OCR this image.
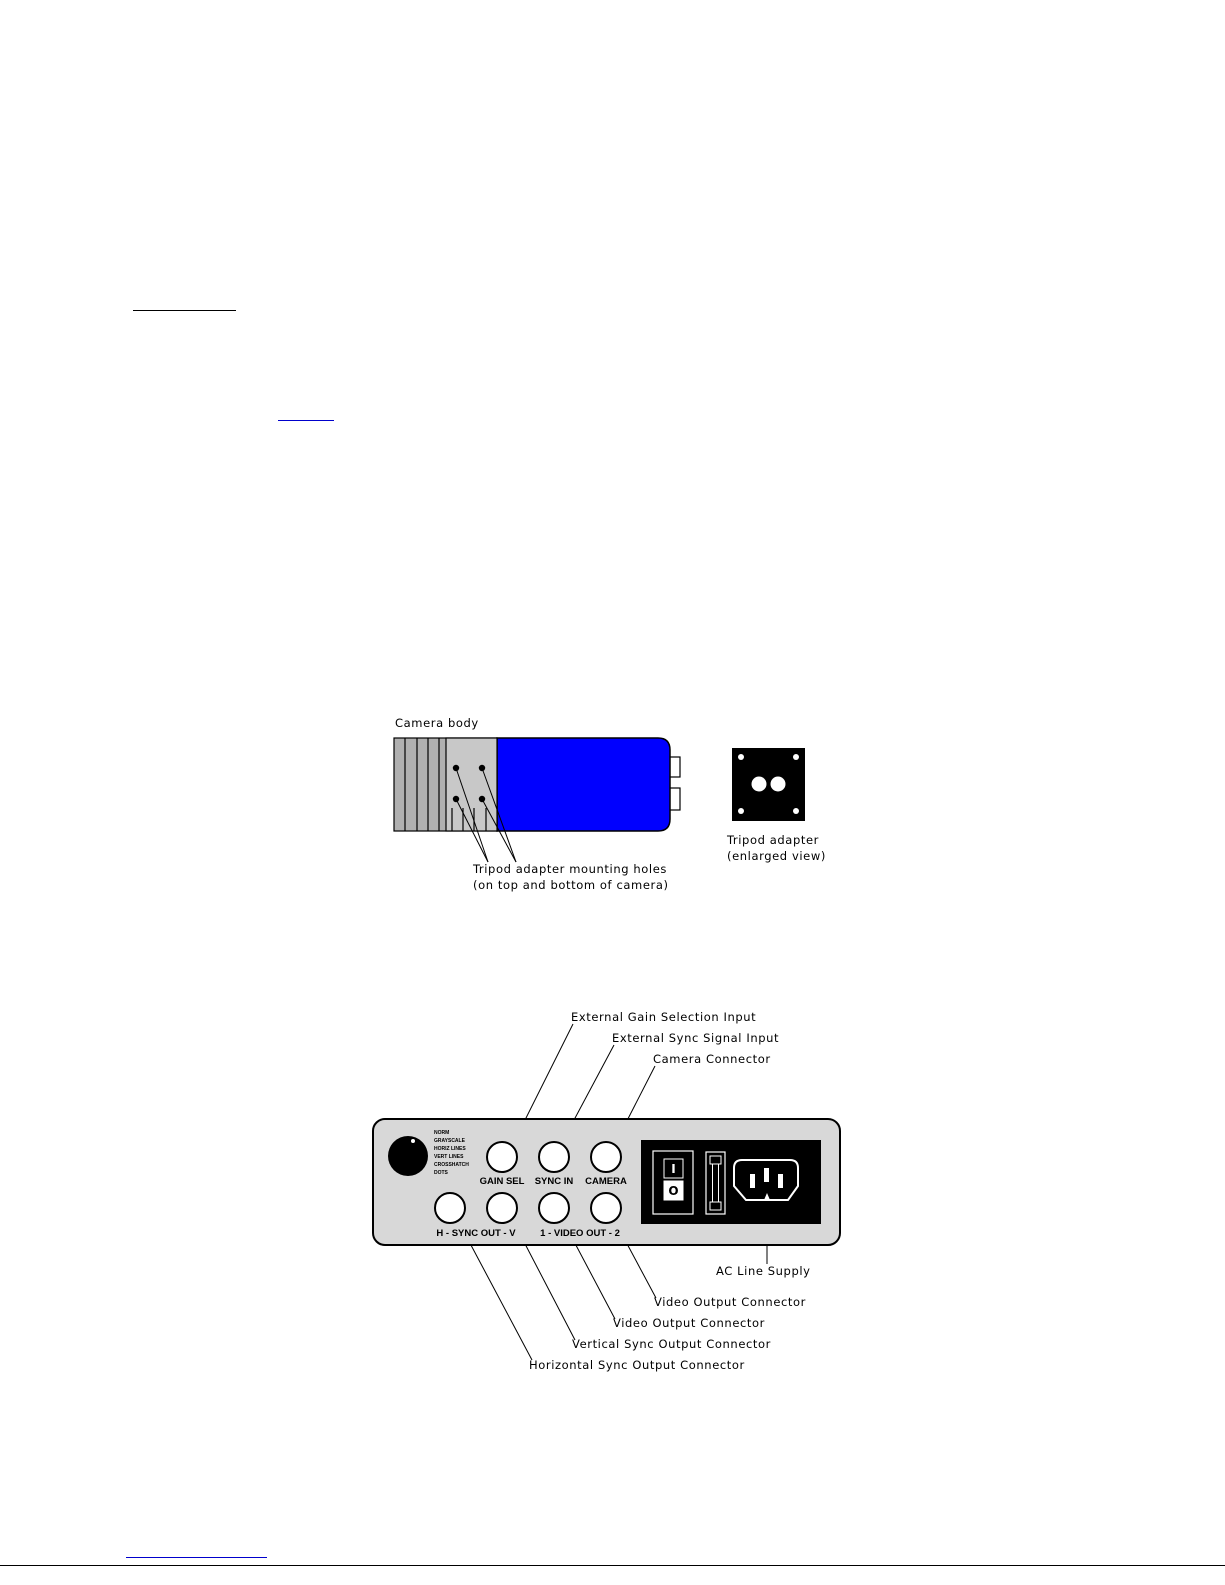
Camera body
Tripod adapter mounting holes
(on top and bottom of camera)
Tripod adapter
(enlarged view)
External Gain Selection Input
External Sync Signal Input
Camera Connector
AC Line Supply
Video Output Connector
Video Output Connector
Vertical Sync Output Connector
Horizontal Sync Output Connector
NORM
GRAYSCALE
HORIZ LINES
VERT LINES
CROSSHATCH
DOTS
GAIN SEL SYNC IN CAMERA
H - SYNC OUT - V	1 - VIDEO OUT - 2
I
O
